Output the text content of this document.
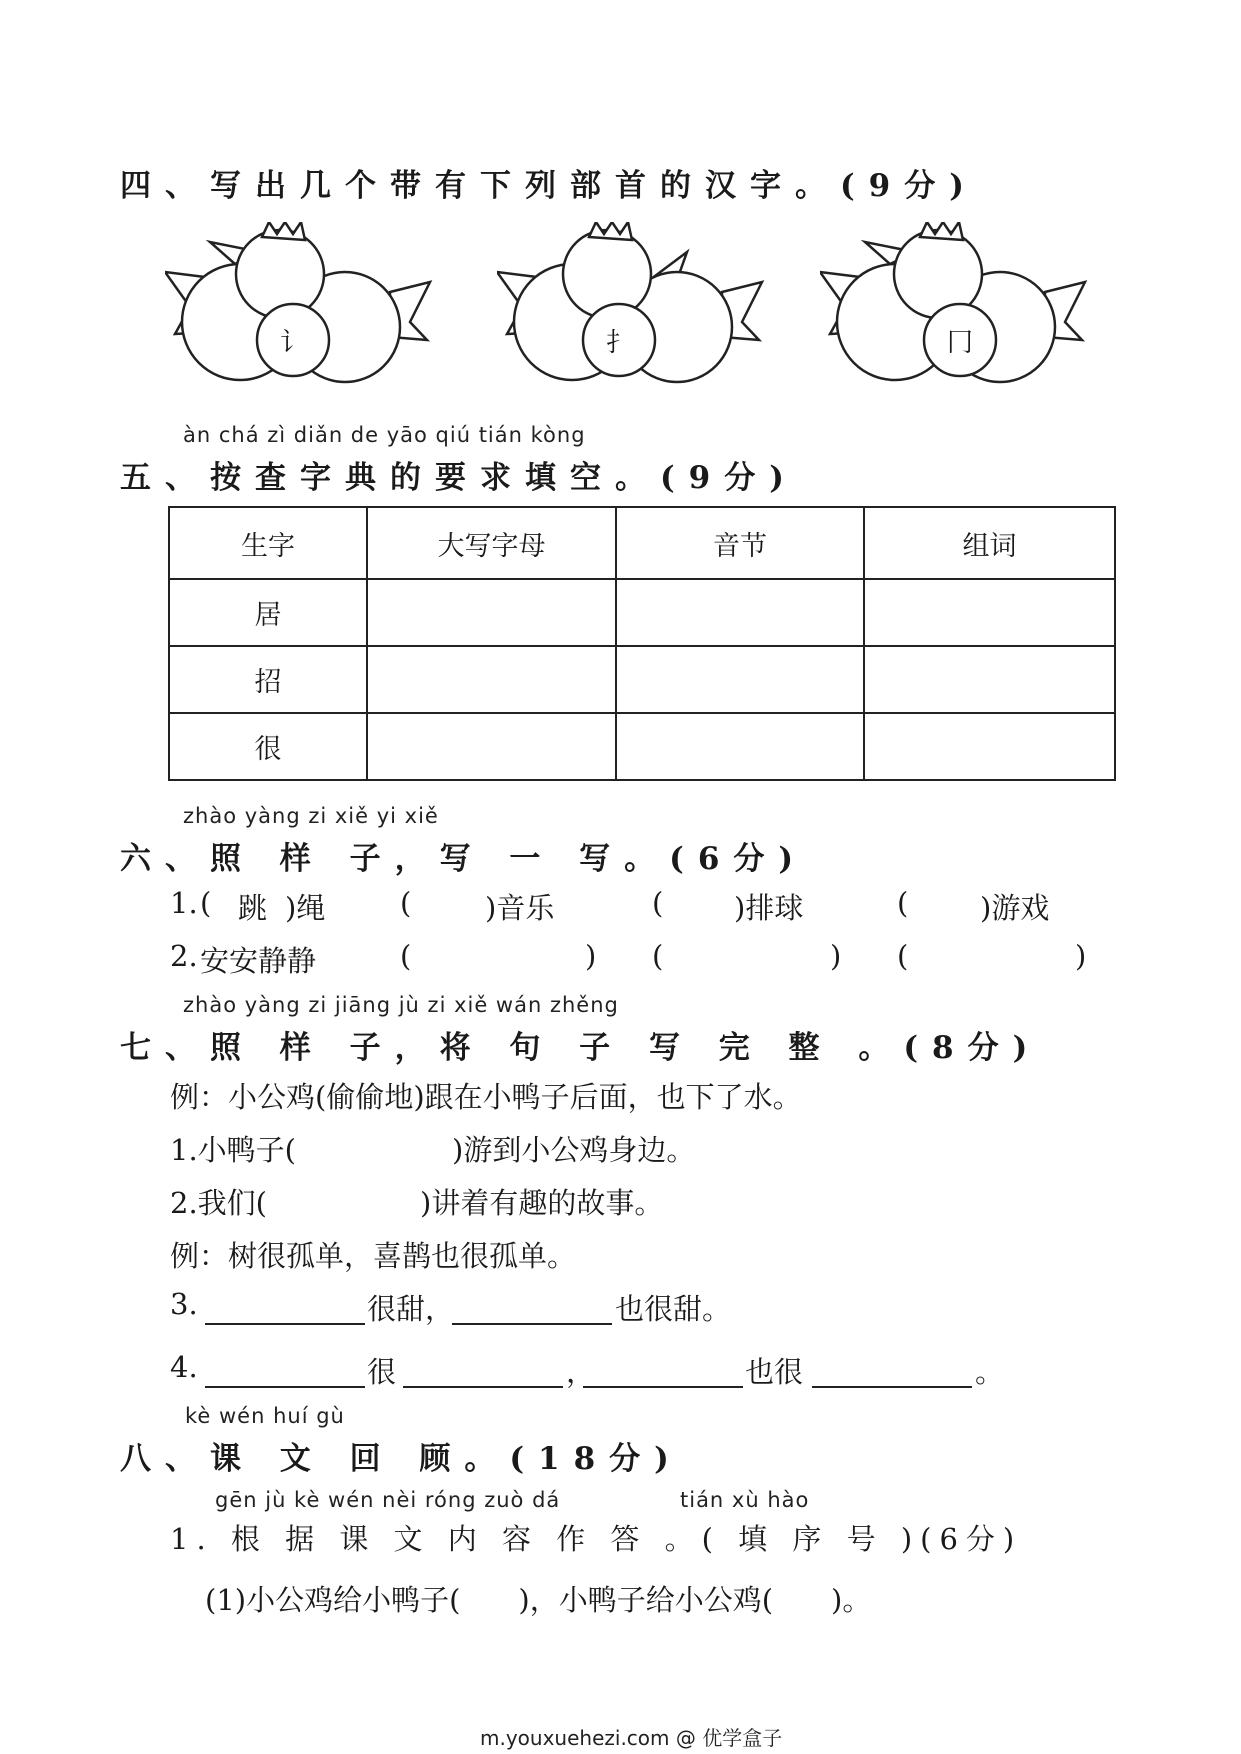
四、写出几个带有下列部首的汉字。(9分)
讠	扌	冂
àn chá zì diǎn de yāo qiú tián kòng
五、按查字典的要求填空。(9分)
生字	大写字母	音节	组词
居			
招			
很			
zhào yàng zi xiě yi xiě
六、照 样 子，写 一 写。(6分)
1. ( 跳 )绳	(	)音乐	( )排球	( )游戏
2. 安安静静	(	) (	) (	)
zhào yàng zi jiāng jù zi xiě wán zhěng
七、照 样 子，将 句 子 写 完 整 。(8分)
例：小公鸡(偷偷地)跟在小鸭子后面，也下了水。
1.小鸭子(	)游到小公鸡身边。
2.我们(	)讲着有趣的故事。
例：树很孤单，喜鹊也很孤单。
3.	很甜，	也很甜。
4.	很	，	也很	。
kè wén huí gù
八、课 文 回 顾。(18分)
gēn jù kè wén nèi róng zuò dá	tián xù hào
1. 根 据 课 文 内 容 作 答 。( 填 序 号 )(6分)
(1)小公鸡给小鸭子(　　)，小鸭子给小公鸡(　　)。
m.youxuehezi.com @ 优学盒子
